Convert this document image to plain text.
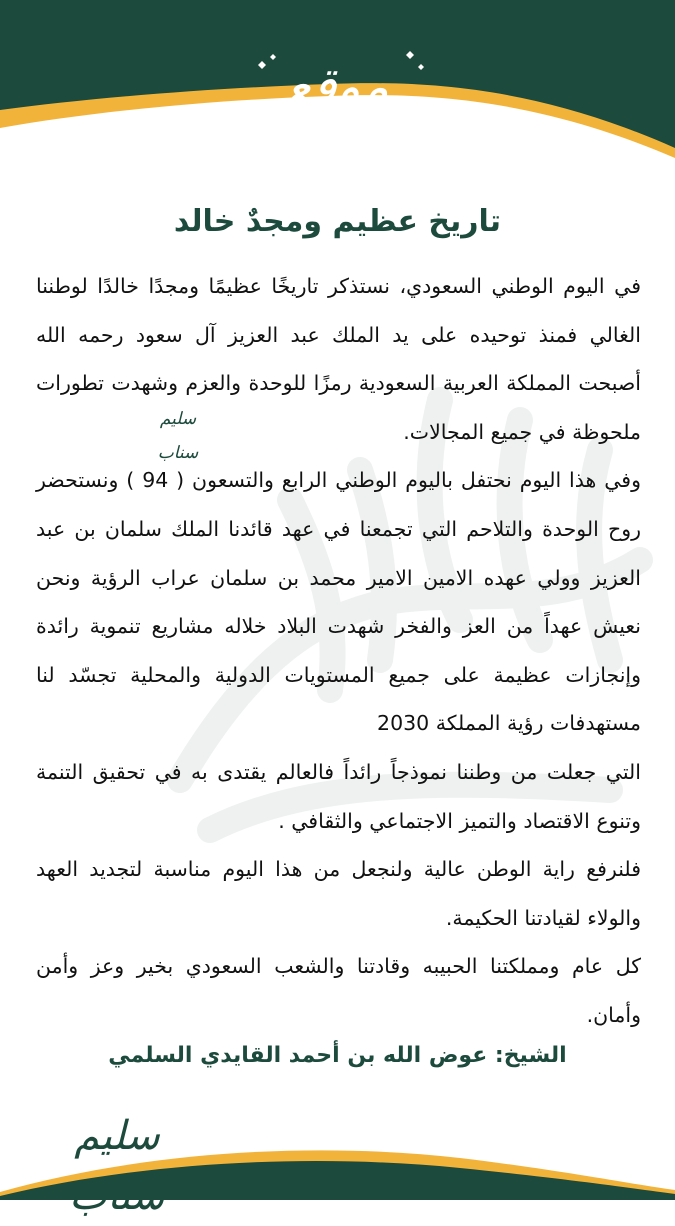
موقع سليم
تاريخ عظيم ومجدٌ خالد

في اليوم الوطني السعودي، نستذكر تاريخًا عظيمًا ومجدًا خالدًا لوطننا الغالي فمنذ توحيده على يد الملك عبد العزيز آل سعود رحمه الله أصبحت المملكة العربية السعودية رمزًا للوحدة والعزم وشهدت تطورات ملحوظة في جميع المجالات.

وفي هذا اليوم نحتفل باليوم الوطني الرابع والتسعون ( 94 ) ونستحضر روح الوحدة والتلاحم التي تجمعنا في عهد قائدنا الملك سلمان بن عبد العزيز وولي عهده الامين الامير محمد بن سلمان عراب الرؤية ونحن نعيش عهداً من العز والفخر شهدت البلاد خلاله مشاريع تنموية رائدة وإنجازات عظيمة على جميع المستويات الدولية والمحلية تجسّد لنا مستهدفات رؤية المملكة 2030

التي جعلت من وطننا نموذجاً رائداً فالعالم يقتدى به في تحقيق التنمة وتنوع الاقتصاد والتميز الاجتماعي والثقافي .

فلنرفع راية الوطن عالية ولنجعل من هذا اليوم مناسبة لتجديد العهد والولاء لقيادتنا الحكيمة.

كل عام ومملكتنا الحبيبه وقادتنا والشعب السعودي بخير وعز وأمن وأمان.

سليم سناب
الشيخ: عوض الله بن أحمد القايدي السلمي
سليم سناب
